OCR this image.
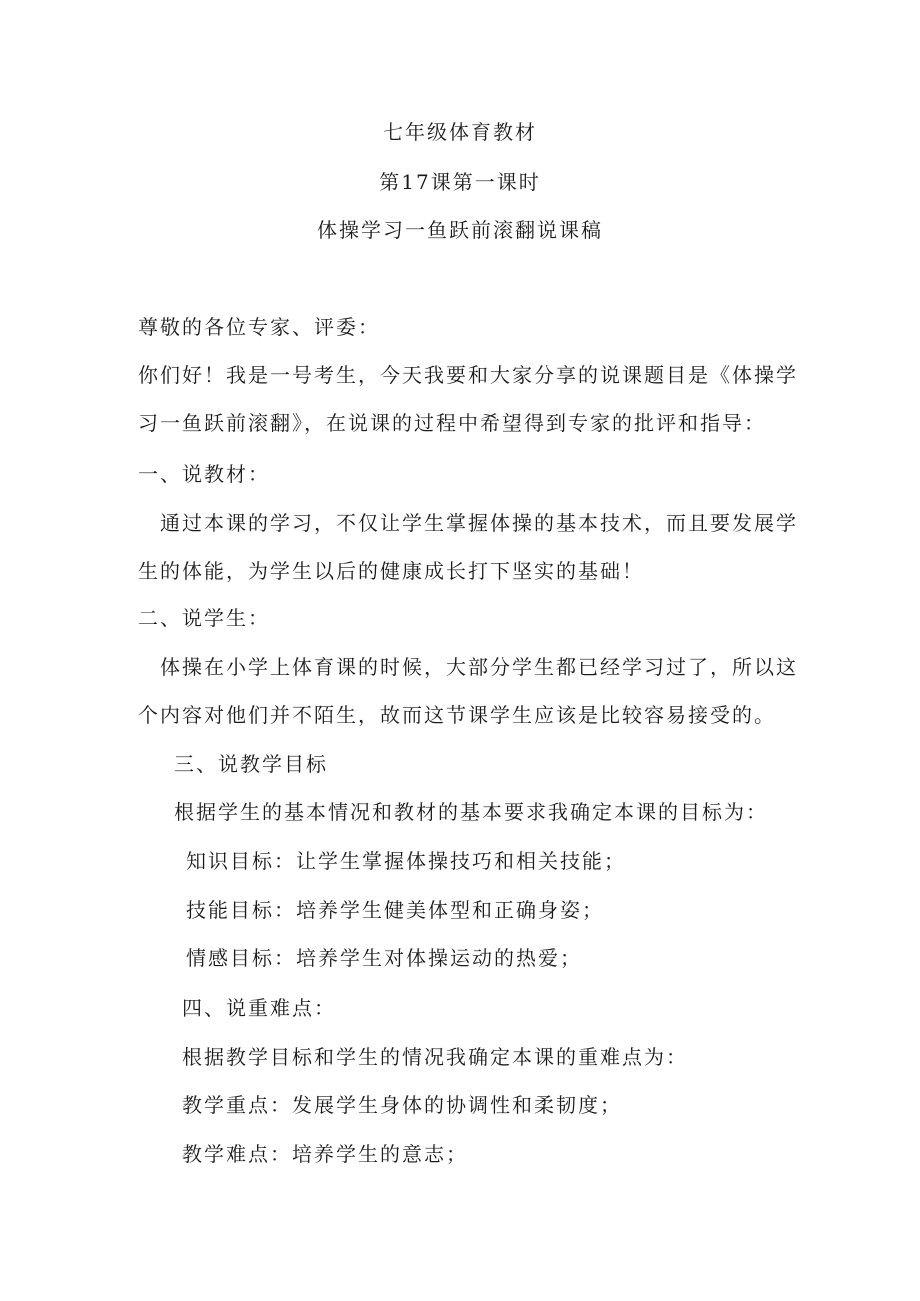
七年级体育教材
第17课第一课时
体操学习一鱼跃前滚翻说课稿
尊敬的各位专家、评委：
你们好！我是一号考生，今天我要和大家分享的说课题目是《体操学
习一鱼跃前滚翻》，在说课的过程中希望得到专家的批评和指导：
一、说教材：
通过本课的学习，不仅让学生掌握体操的基本技术，而且要发展学
生的体能，为学生以后的健康成长打下坚实的基础！
二、说学生：
体操在小学上体育课的时候，大部分学生都已经学习过了，所以这
个内容对他们并不陌生，故而这节课学生应该是比较容易接受的。
三、说教学目标
根据学生的基本情况和教材的基本要求我确定本课的目标为：
知识目标：让学生掌握体操技巧和相关技能；
技能目标：培养学生健美体型和正确身姿；
情感目标：培养学生对体操运动的热爱；
四、说重难点：
根据教学目标和学生的情况我确定本课的重难点为：
教学重点：发展学生身体的协调性和柔韧度；
教学难点：培养学生的意志；
